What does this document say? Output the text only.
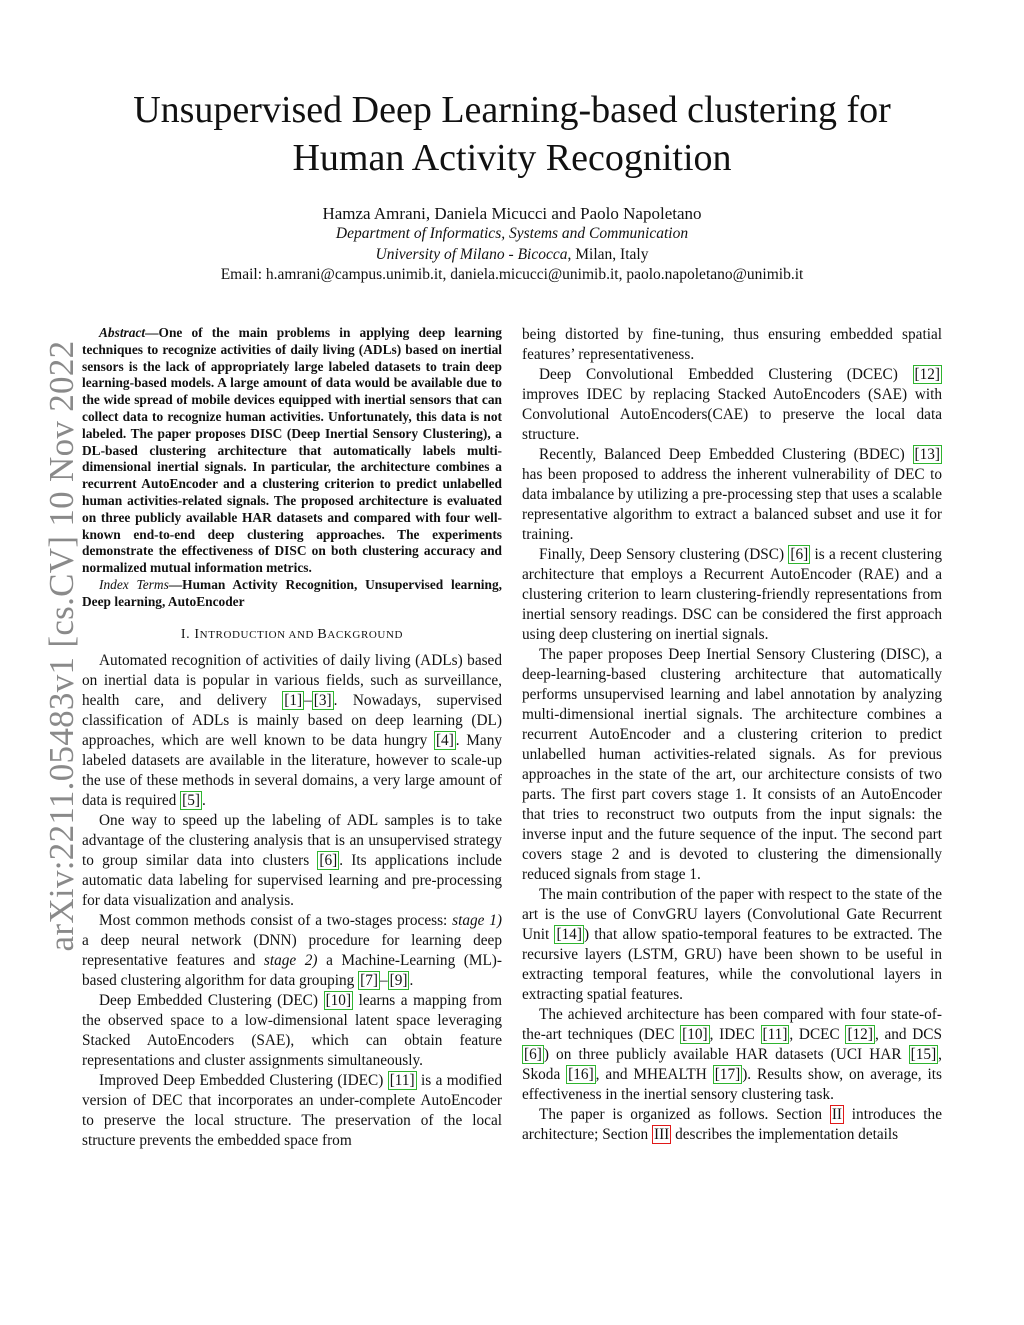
arXiv:2211.05483v1 [cs.CV] 10 Nov 2022
Unsupervised Deep Learning-based clustering for
Human Activity Recognition
Hamza Amrani, Daniela Micucci and Paolo Napoletano
Department of Informatics, Systems and Communication
University of Milano - Bicocca, Milan, Italy
Email: h.amrani@campus.unimib.it, daniela.micucci@unimib.it, paolo.napoletano@unimib.it

Abstract—One of the main problems in applying deep learning techniques to recognize activities of daily living (ADLs) based on inertial sensors is the lack of appropriately large labeled datasets to train deep learning-based models. A large amount of data would be available due to the wide spread of mobile devices equipped with inertial sensors that can collect data to recognize human activities. Unfortunately, this data is not labeled. The paper proposes DISC (Deep Inertial Sensory Clustering), a DL-based clustering architecture that automatically labels multi-dimensional inertial signals. In particular, the architecture combines a recurrent AutoEncoder and a clustering criterion to predict unlabelled human activities-related signals. The proposed architecture is evaluated on three publicly available HAR datasets and compared with four well-known end-to-end deep clustering approaches. The experiments demonstrate the effectiveness of DISC on both clustering accuracy and normalized mutual information metrics.

Index Terms—Human Activity Recognition, Unsupervised learning, Deep learning, AutoEncoder

I. INTRODUCTION AND BACKGROUND

Automated recognition of activities of daily living (ADLs) based on inertial data is popular in various fields, such as surveillance, health care, and delivery [1] – [3] . Nowadays, supervised classification of ADLs is mainly based on deep learning (DL) approaches, which are well known to be data hungry [4] . Many labeled datasets are available in the literature, however to scale-up the use of these methods in several domains, a very large amount of data is required [5] .

One way to speed up the labeling of ADL samples is to take advantage of the clustering analysis that is an unsupervised strategy to group similar data into clusters [6] . Its applications include automatic data labeling for supervised learning and pre-processing for data visualization and analysis.

Most common methods consist of a two-stages process: stage 1) a deep neural network (DNN) procedure for learning deep representative features and stage 2) a Machine-Learning (ML)-based clustering algorithm for data grouping [7] – [9] .

Deep Embedded Clustering (DEC) [10] learns a mapping from the observed space to a low-dimensional latent space leveraging Stacked AutoEncoders (SAE), which can obtain feature representations and cluster assignments simultaneously.

Improved Deep Embedded Clustering (IDEC) [11] is a modified version of DEC that incorporates an under-complete AutoEncoder to preserve the local structure. The preservation of the local structure prevents the embedded space from

being distorted by fine-tuning, thus ensuring embedded spatial features’ representativeness.

Deep Convolutional Embedded Clustering (DCEC) [12] improves IDEC by replacing Stacked AutoEncoders (SAE) with Convolutional AutoEncoders(CAE) to preserve the local data structure.

Recently, Balanced Deep Embedded Clustering (BDEC) [13] has been proposed to address the inherent vulnerability of DEC to data imbalance by utilizing a pre-processing step that uses a scalable representative algorithm to extract a balanced subset and use it for training.

Finally, Deep Sensory clustering (DSC) [6] is a recent clustering architecture that employs a Recurrent AutoEncoder (RAE) and a clustering criterion to learn clustering-friendly representations from inertial sensory readings. DSC can be considered the first approach using deep clustering on inertial signals.

The paper proposes Deep Inertial Sensory Clustering (DISC), a deep-learning-based clustering architecture that automatically performs unsupervised learning and label annotation by analyzing multi-dimensional inertial signals. The architecture combines a recurrent AutoEncoder and a clustering criterion to predict unlabelled human activities-related signals. As for previous approaches in the state of the art, our architecture consists of two parts. The first part covers stage 1. It consists of an AutoEncoder that tries to reconstruct two outputs from the input signals: the inverse input and the future sequence of the input. The second part covers stage 2 and is devoted to clustering the dimensionally reduced signals from stage 1.

The main contribution of the paper with respect to the state of the art is the use of ConvGRU layers (Convolutional Gate Recurrent Unit [14] ) that allow spatio-temporal features to be extracted. The recursive layers (LSTM, GRU) have been shown to be useful in extracting temporal features, while the convolutional layers in extracting spatial features.

The achieved architecture has been compared with four state-of-the-art techniques (DEC [10] , IDEC [11] , DCEC [12] , and DCS [6] ) on three publicly available HAR datasets (UCI HAR [15] , Skoda [16] , and MHEALTH [17] ). Results show, on average, its effectiveness in the inertial sensory clustering task.

The paper is organized as follows. Section II introduces the architecture; Section III describes the implementation details
